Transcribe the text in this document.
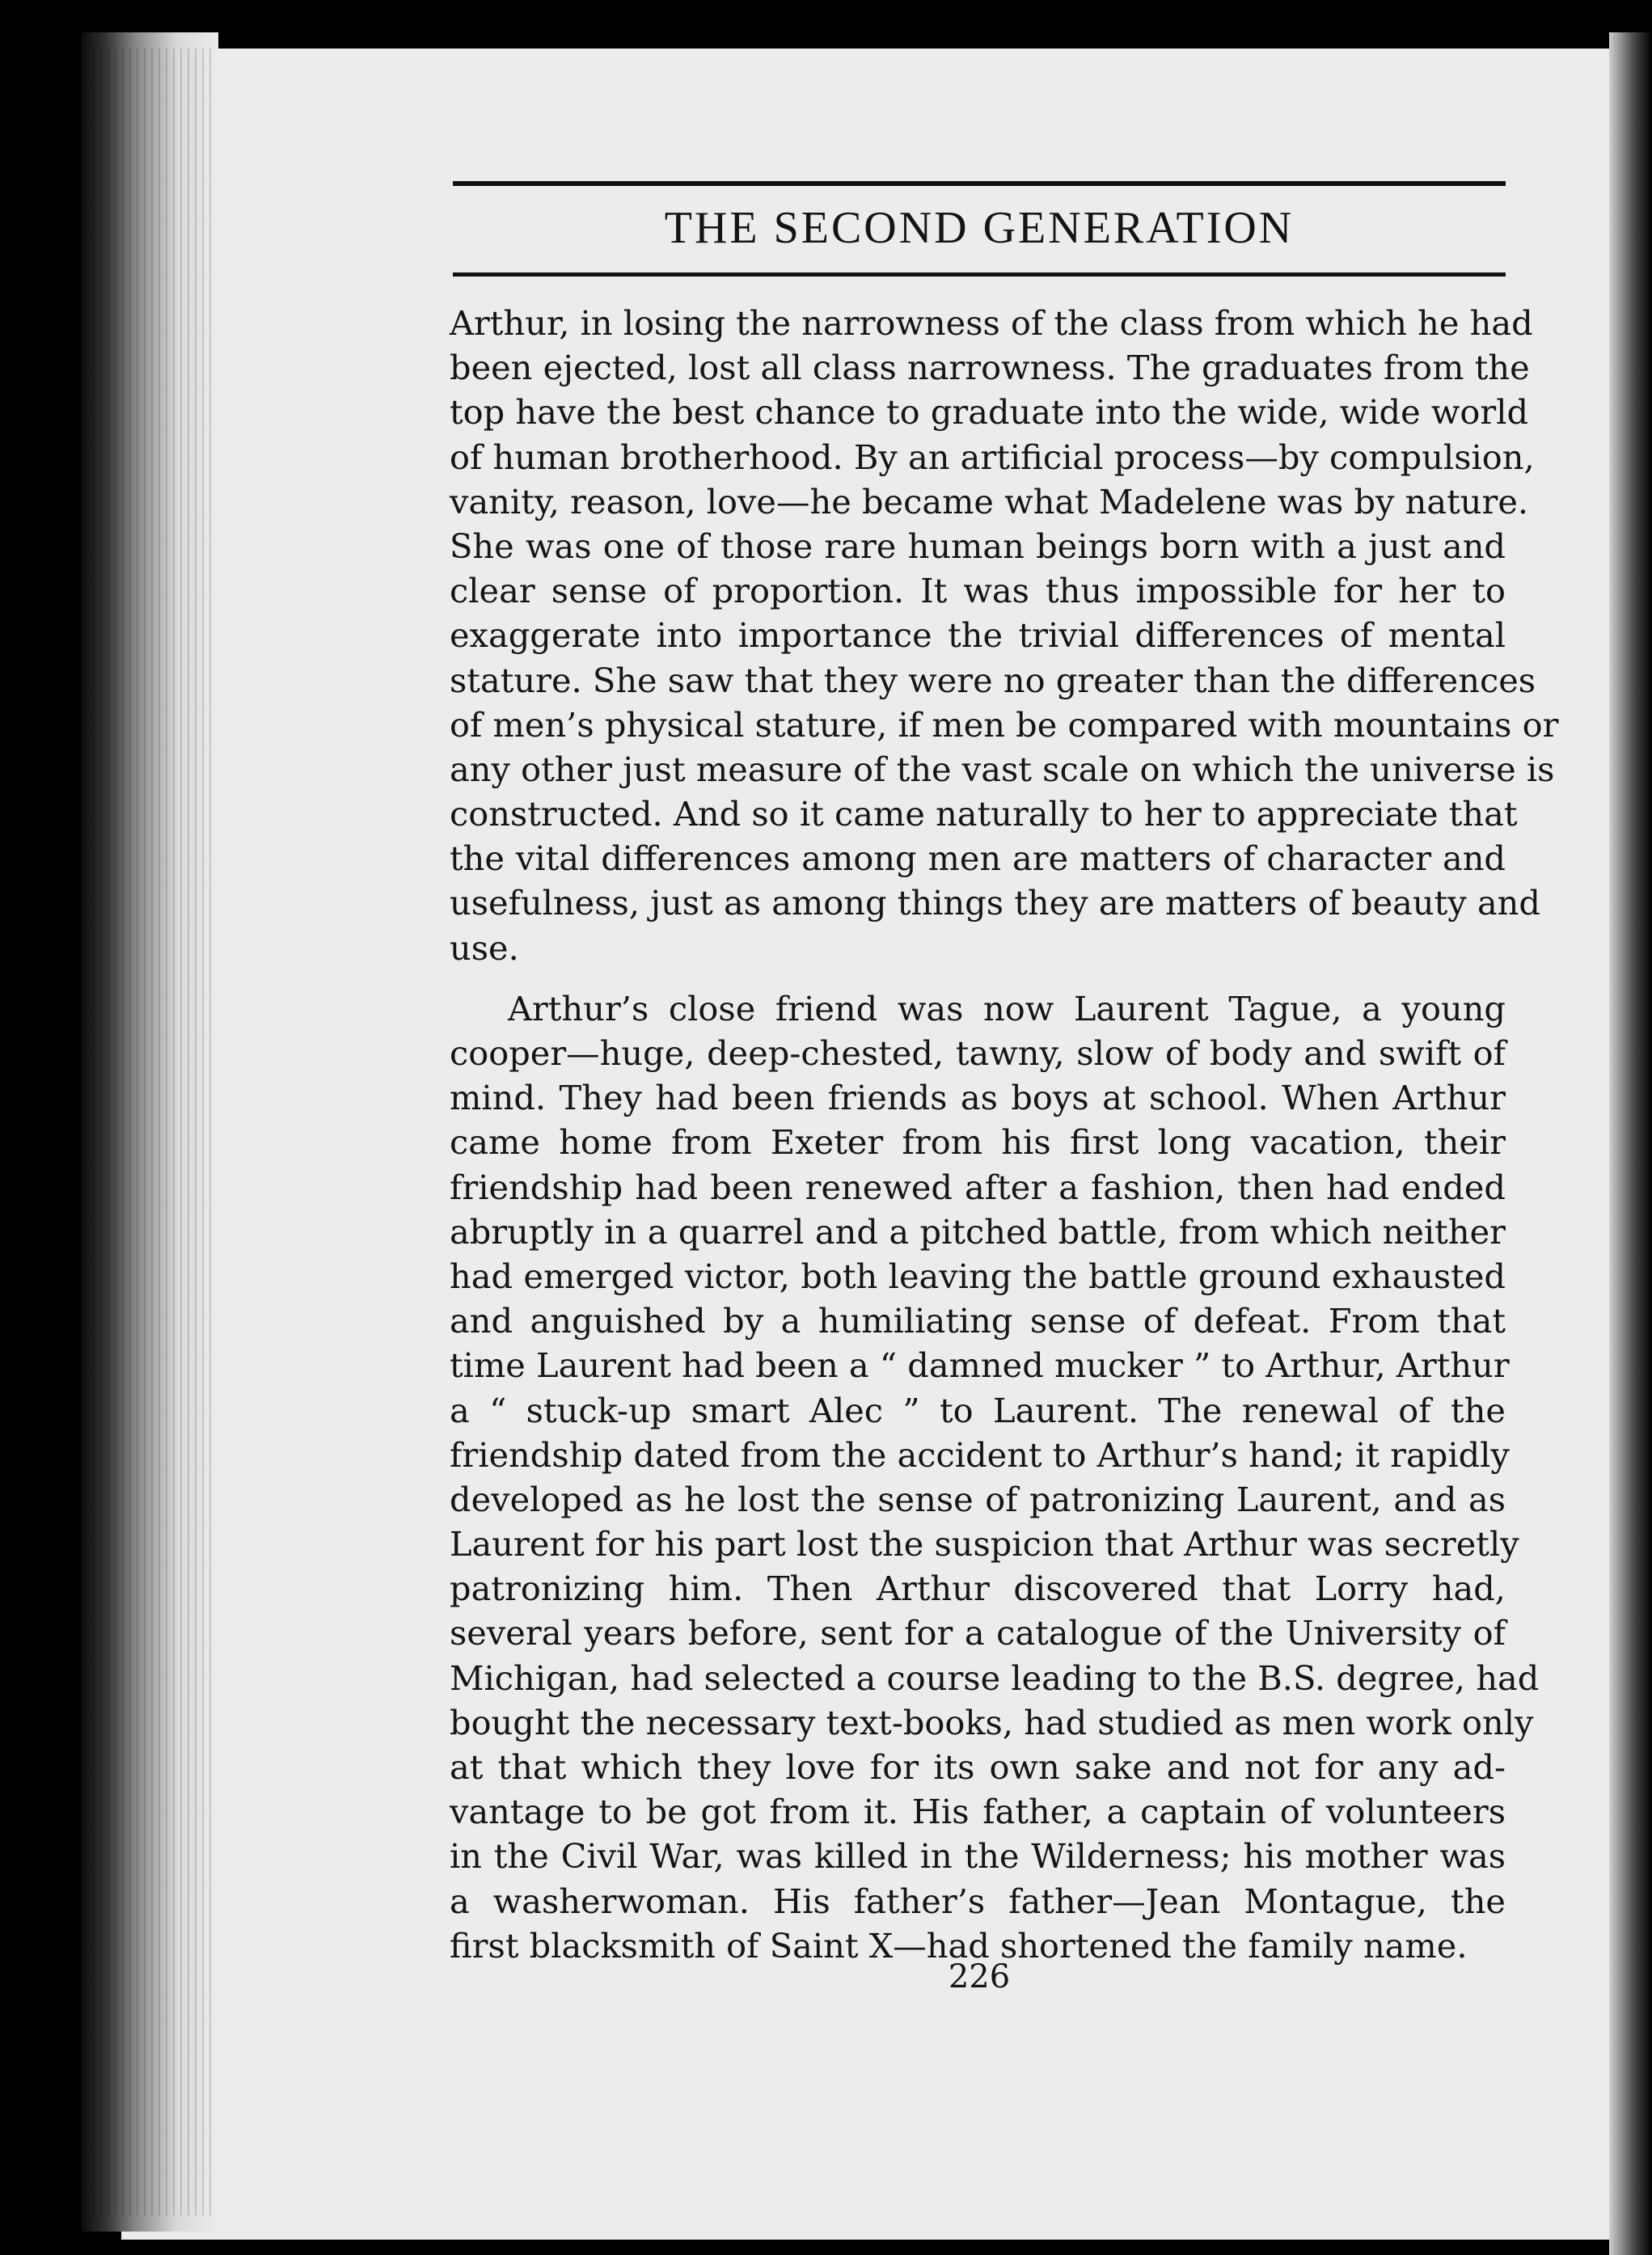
THE SECOND GENERATION
Arthur, in losing the narrowness of the class from which he had
been ejected, lost all class narrowness. The graduates from the
top have the best chance to graduate into the wide, wide world
of human brotherhood. By an artificial process—by compulsion,
vanity, reason, love—he became what Madelene was by nature.
She was one of those rare human beings born with a just and
clear sense of proportion. It was thus impossible for her to
exaggerate into importance the trivial differences of mental
stature. She saw that they were no greater than the differences
of men’s physical stature, if men be compared with mountains or
any other just measure of the vast scale on which the universe is
constructed. And so it came naturally to her to appreciate that
the vital differences among men are matters of character and
usefulness, just as among things they are matters of beauty and
use.
Arthur’s close friend was now Laurent Tague, a young
cooper—huge, deep-chested, tawny, slow of body and swift of
mind. They had been friends as boys at school. When Arthur
came home from Exeter from his first long vacation, their
friendship had been renewed after a fashion, then had ended
abruptly in a quarrel and a pitched battle, from which neither
had emerged victor, both leaving the battle ground exhausted
and anguished by a humiliating sense of defeat. From that
time Laurent had been a “ damned mucker ” to Arthur, Arthur
a “ stuck-up smart Alec ” to Laurent. The renewal of the
friendship dated from the accident to Arthur’s hand; it rapidly
developed as he lost the sense of patronizing Laurent, and as
Laurent for his part lost the suspicion that Arthur was secretly
patronizing him. Then Arthur discovered that Lorry had,
several years before, sent for a catalogue of the University of
Michigan, had selected a course leading to the B.S. degree, had
bought the necessary text-books, had studied as men work only
at that which they love for its own sake and not for any ad-
vantage to be got from it. His father, a captain of volunteers
in the Civil War, was killed in the Wilderness; his mother was
a washerwoman. His father’s father—Jean Montague, the
first blacksmith of Saint X—had shortened the family name.
226
